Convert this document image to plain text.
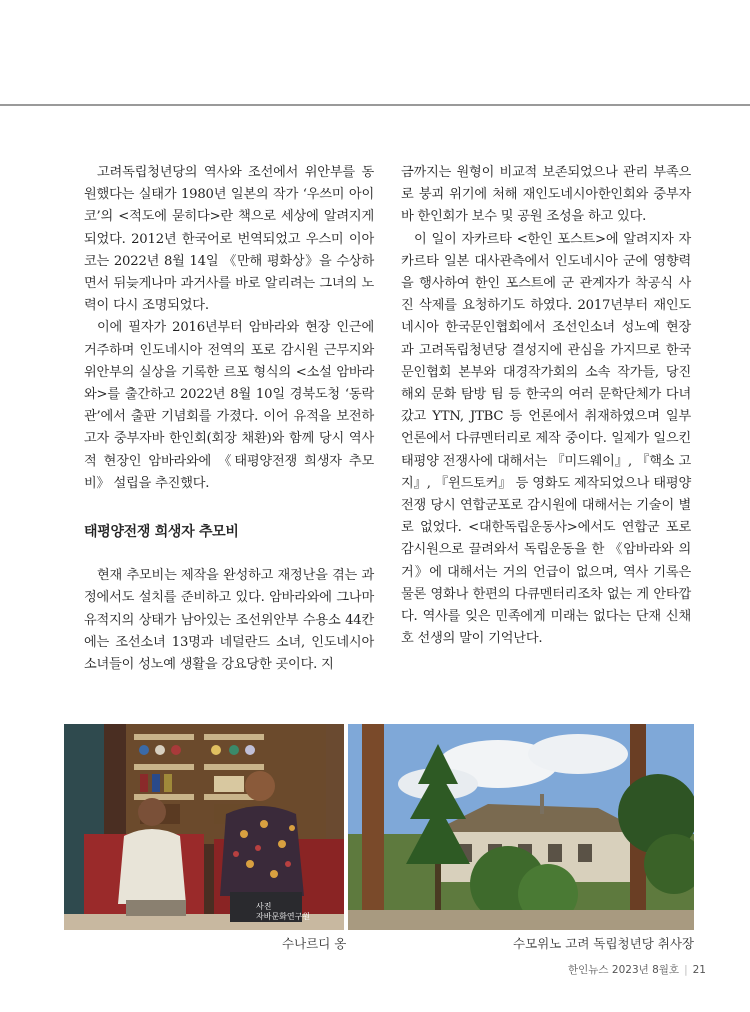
고려독립청년당의 역사와 조선에서 위안부를 동원했다는 실태가 1980년 일본의 작가 ‘우쓰미 아이코’의 <적도에 묻히다>란 책으로 세상에 알려지게 되었다. 2012년 한국어로 번역되었고 우스미 이아코는 2022년 8월 14일 《만해 평화상》을 수상하면서 뒤늦게나마 과거사를 바로 알리려는 그녀의 노력이 다시 조명되었다.

이에 필자가 2016년부터 암바라와 현장 인근에 거주하며 인도네시아 전역의 포로 감시원 근무지와 위안부의 실상을 기록한 르포 형식의 <소설 암바라와>를 출간하고 2022년 8월 10일 경북도청 ‘동락관’에서 출판 기념회를 가졌다. 이어 유적을 보전하고자 중부자바 한인회(회장 채환)와 함께 당시 역사적 현장인 암바라와에 《태평양전쟁 희생자 추모비》 설립을 추진했다.

태평양전쟁 희생자 추모비

현재 추모비는 제작을 완성하고 재정난을 겪는 과정에서도 설치를 준비하고 있다. 암바라와에 그나마 유적지의 상태가 남아있는 조선위안부 수용소 44칸에는 조선소녀 13명과 네덜란드 소녀, 인도네시아 소녀들이 성노예 생활을 강요당한 곳이다. 지

금까지는 원형이 비교적 보존되었으나 관리 부족으로 붕괴 위기에 처해 재인도네시아한인회와 중부자바 한인회가 보수 및 공원 조성을 하고 있다.

이 일이 자카르타 <한인 포스트>에 알려지자 자카르타 일본 대사관측에서 인도네시아 군에 영향력을 행사하여 한인 포스트에 군 관계자가 착공식 사진 삭제를 요청하기도 하였다. 2017년부터 재인도네시아 한국문인협회에서 조선인소녀 성노예 현장과 고려독립청년당 결성지에 관심을 가지므로 한국문인협회 본부와 대경작가회의 소속 작가들, 당진 해외 문화 탐방 팀 등 한국의 여러 문학단체가 다녀갔고 YTN, JTBC 등 언론에서 취재하였으며 일부 언론에서 다큐멘터리로 제작 중이다. 일제가 일으킨 태평양 전쟁사에 대해서는 『미드웨이』, 『핵소 고지』, 『윈드토커』 등 영화도 제작되었으나 태평양전쟁 당시 연합군포로 감시원에 대해서는 기술이 별로 없었다. <대한독립운동사>에서도 연합군 포로감시원으로 끌려와서 독립운동을 한 《암바라와 의거》에 대해서는 거의 언급이 없으며, 역사 기록은 물론 영화나 한편의 다큐멘터리조차 없는 게 안타깝다. 역사를 잊은 민족에게 미래는 없다는 단재 신채호 선생의 말이 기억난다.

사진
자바문화연구원
수나르디 옹	수모위노 고려 독립청년당 취사장
한인뉴스 2023년 8월호 | 21
